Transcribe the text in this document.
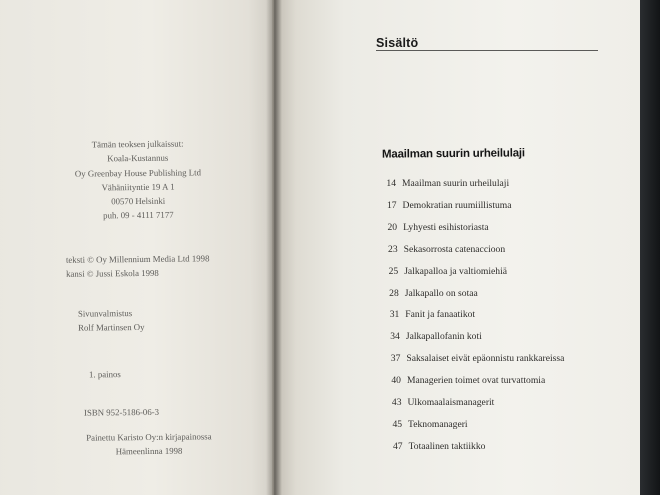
Tämän teoksen julkaissut:
Koala-Kustannus
Oy Greenbay House Publishing Ltd
Vähäniityntie 19 A 1
00570 Helsinki
puh. 09 - 4111 7177
teksti © Oy Millennium Media Ltd 1998
kansi © Jussi Eskola 1998
Sivunvalmistus
Rolf Martinsen Oy
1. painos
ISBN 952-5186-06-3
Painettu Karisto Oy:n kirjapainossa
Hämeenlinna 1998
Sisältö
Maailman suurin urheilulaji
14 Maailman suurin urheilulaji
17 Demokratian ruumiillistuma
20 Lyhyesti esihistoriasta
23 Sekasorrosta catenaccioon
25 Jalkapalloa ja valtiomiehiä
28 Jalkapallo on sotaa
31 Fanit ja fanaatikot
34 Jalkapallofanin koti
37 Saksalaiset eivät epäonnistu rankkareissa
40 Managerien toimet ovat turvattomia
43 Ulkomaalaismanagerit
45 Teknomanageri
47 Totaalinen taktiikko
